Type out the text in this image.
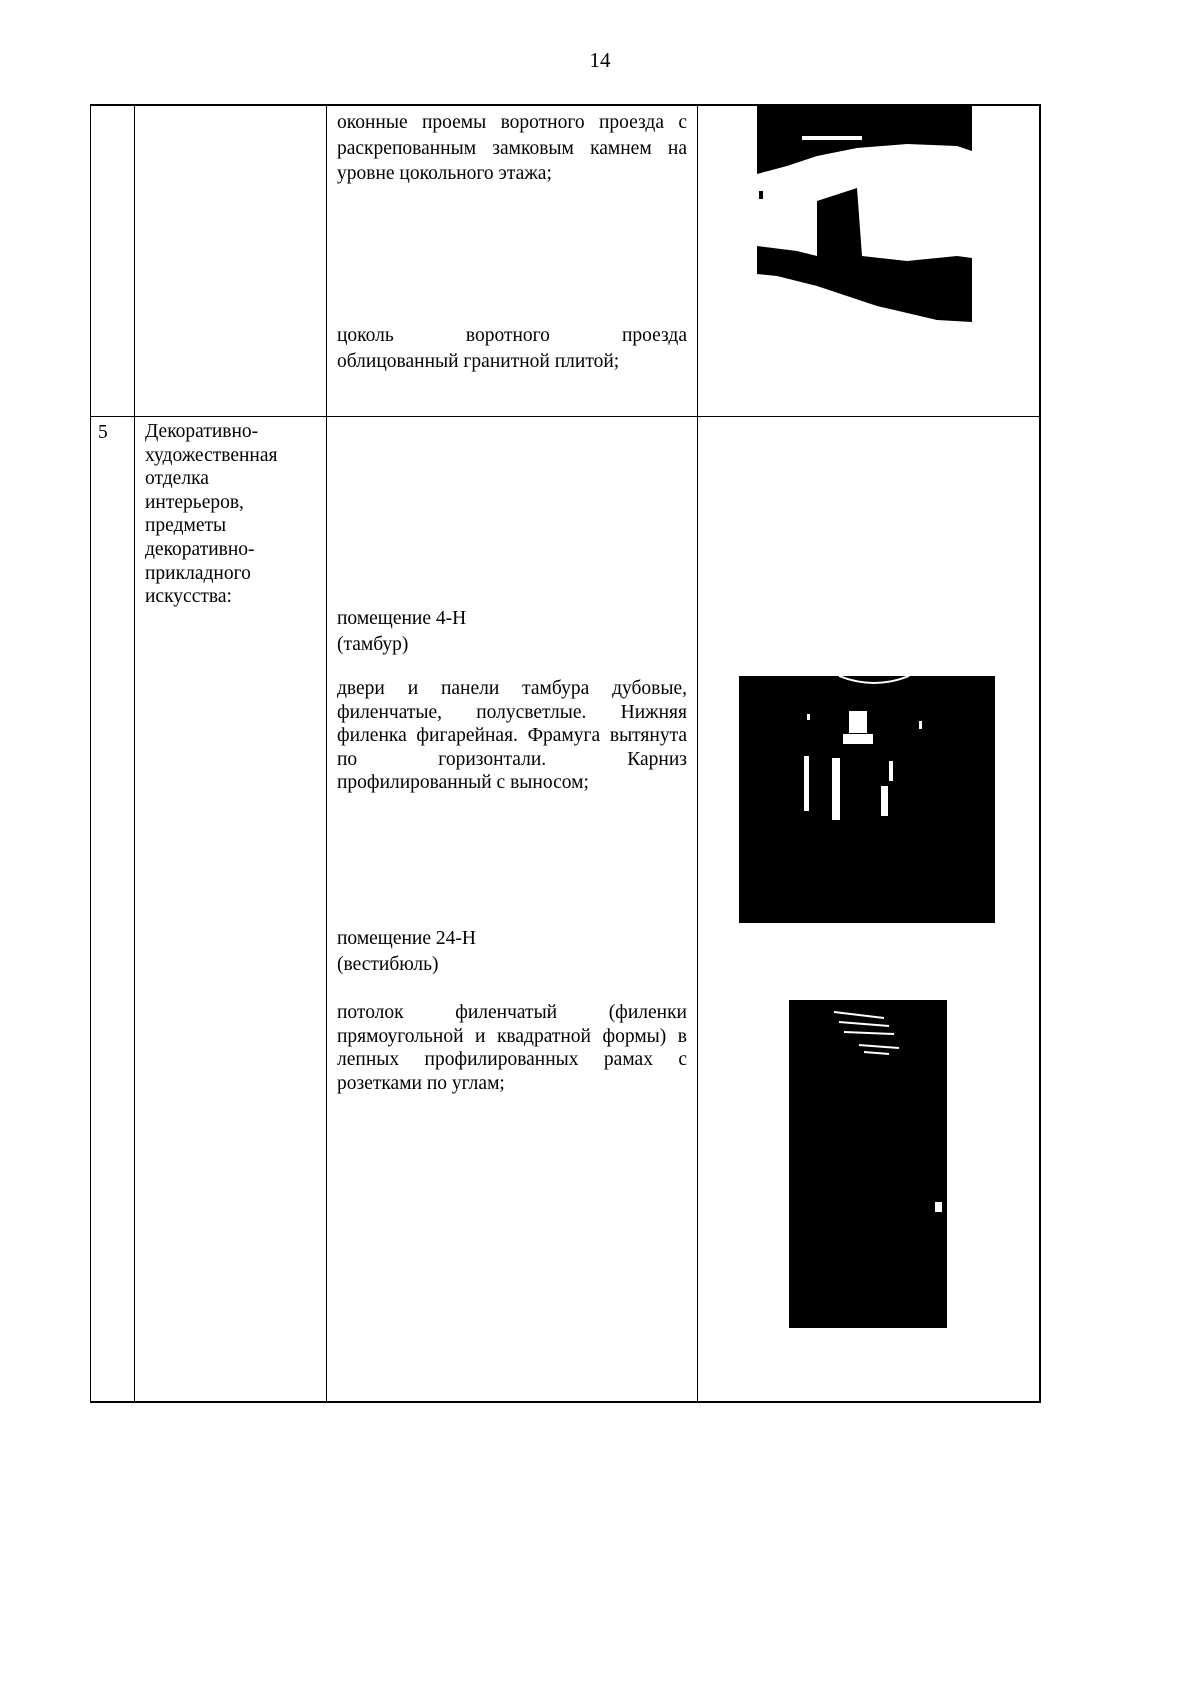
14
оконные проемы воротного проезда с
раскрепованным замковым камнем на
уровне цокольного этажа;
цоколь воротного проезда
облицованный гранитной плитой;
5 Декоративно-
художественная
отделка
интерьеров,
предметы
декоративно-
прикладного
искусства:
помещение 4-Н
(тамбур)
двери и панели тамбура дубовые,
филенчатые, полусветлые. Нижняя
филенка фигарейная. Фрамуга вытянута
по горизонтали. Карниз
профилированный с выносом;
помещение 24-Н
(вестибюль)
потолок филенчатый (филенки
прямоугольной и квадратной формы) в
лепных профилированных рамах с
розетками по углам;
